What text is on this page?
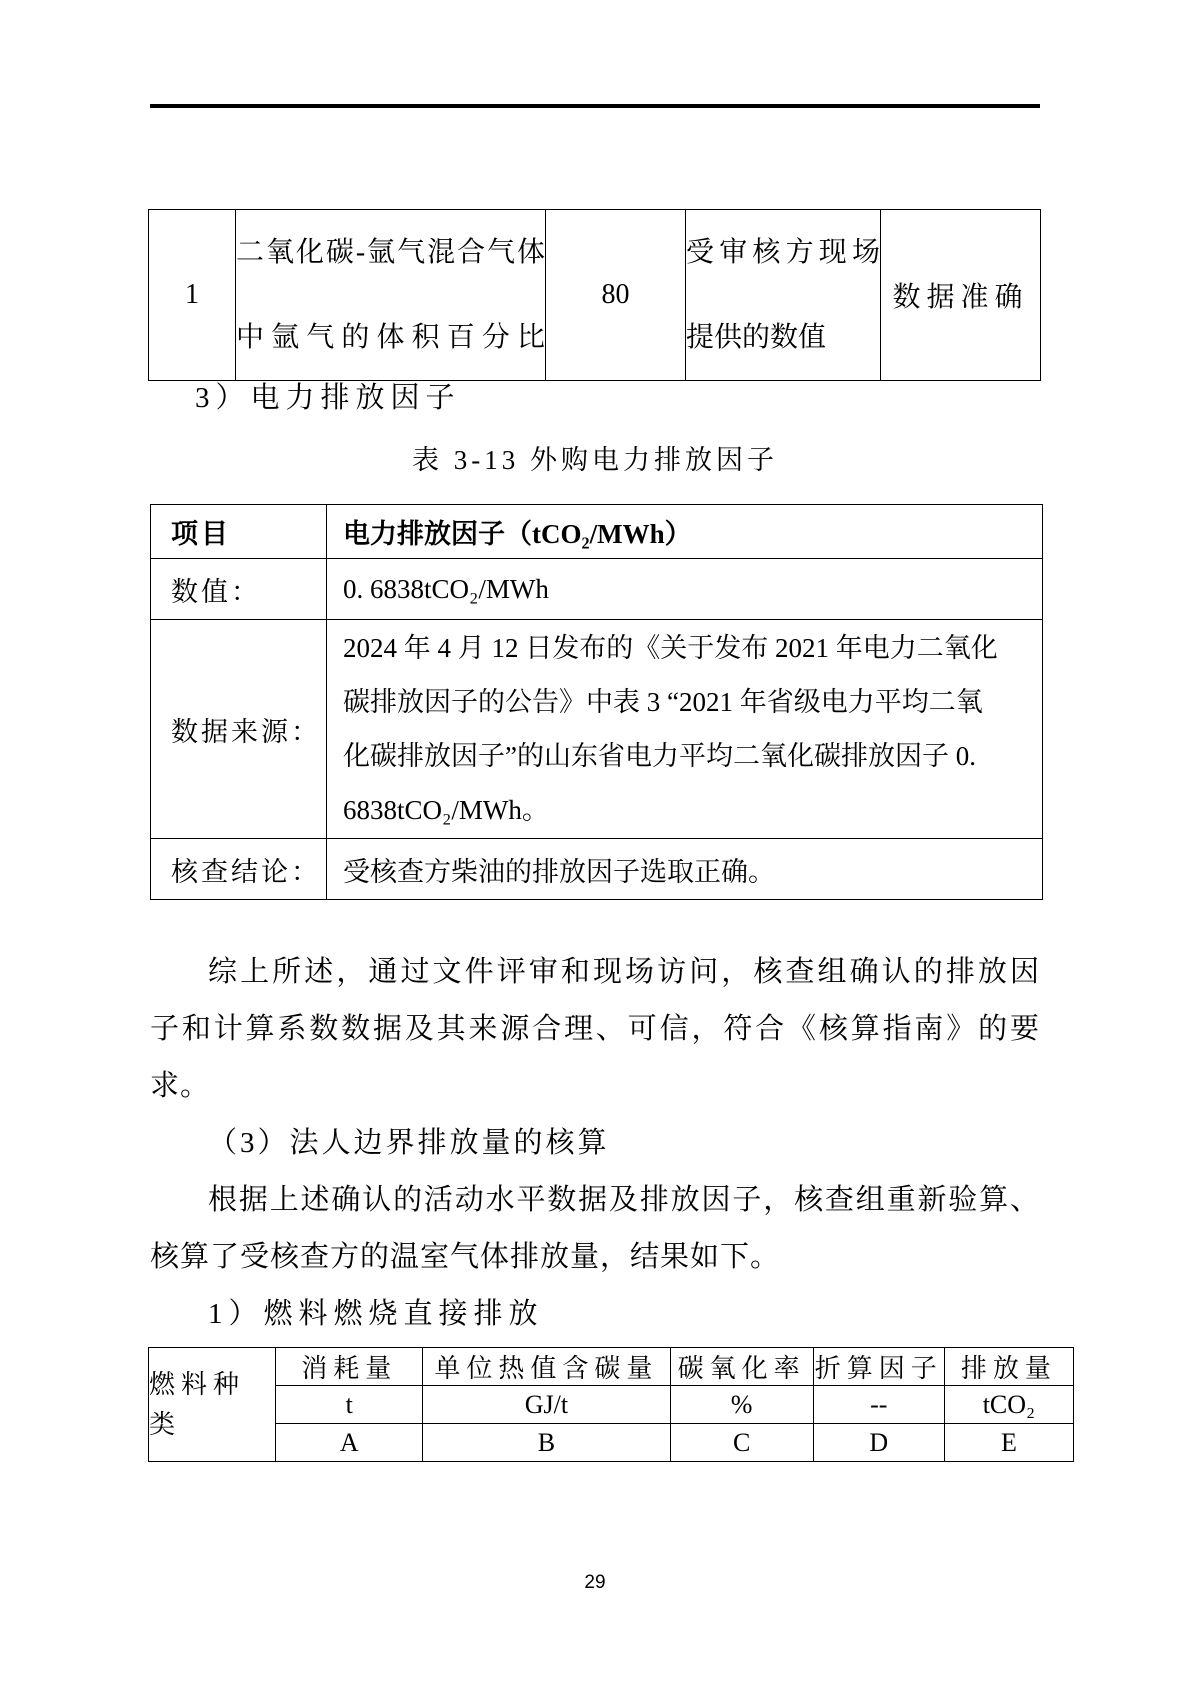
1	二氧化碳-氩气混合气体中氩气的体积百分比	80	受审核方现场提供的数值	数据准确
3）电力排放因子
表 3-13 外购电力排放因子
项目	电力排放因子（tCO₂/MWh）
数值：	0. 6838tCO₂/MWh
数据来源：	2024 年 4 月 12 日发布的《关于发布 2021 年电力二氧化
碳排放因子的公告》中表 3 “2021 年省级电力平均二氧
化碳排放因子”的山东省电力平均二氧化碳排放因子 0.
6838tCO₂/MWh。

核查结论：	受核查方柴油的排放因子选取正确。
综上所述，通过文件评审和现场访问，核查组确认的排放因
子和计算系数数据及其来源合理、可信，符合《核算指南》的要
求。
（3）法人边界排放量的核算
根据上述确认的活动水平数据及排放因子，核查组重新验算、
核算了受核查方的温室气体排放量，结果如下。
1）燃料燃烧直接排放
燃料种类	消耗量	单位热值含碳量	碳氧化率	折算因子	排放量
	t	GJ/t	%	--	tCO₂
	A	B	C	D	E
29
